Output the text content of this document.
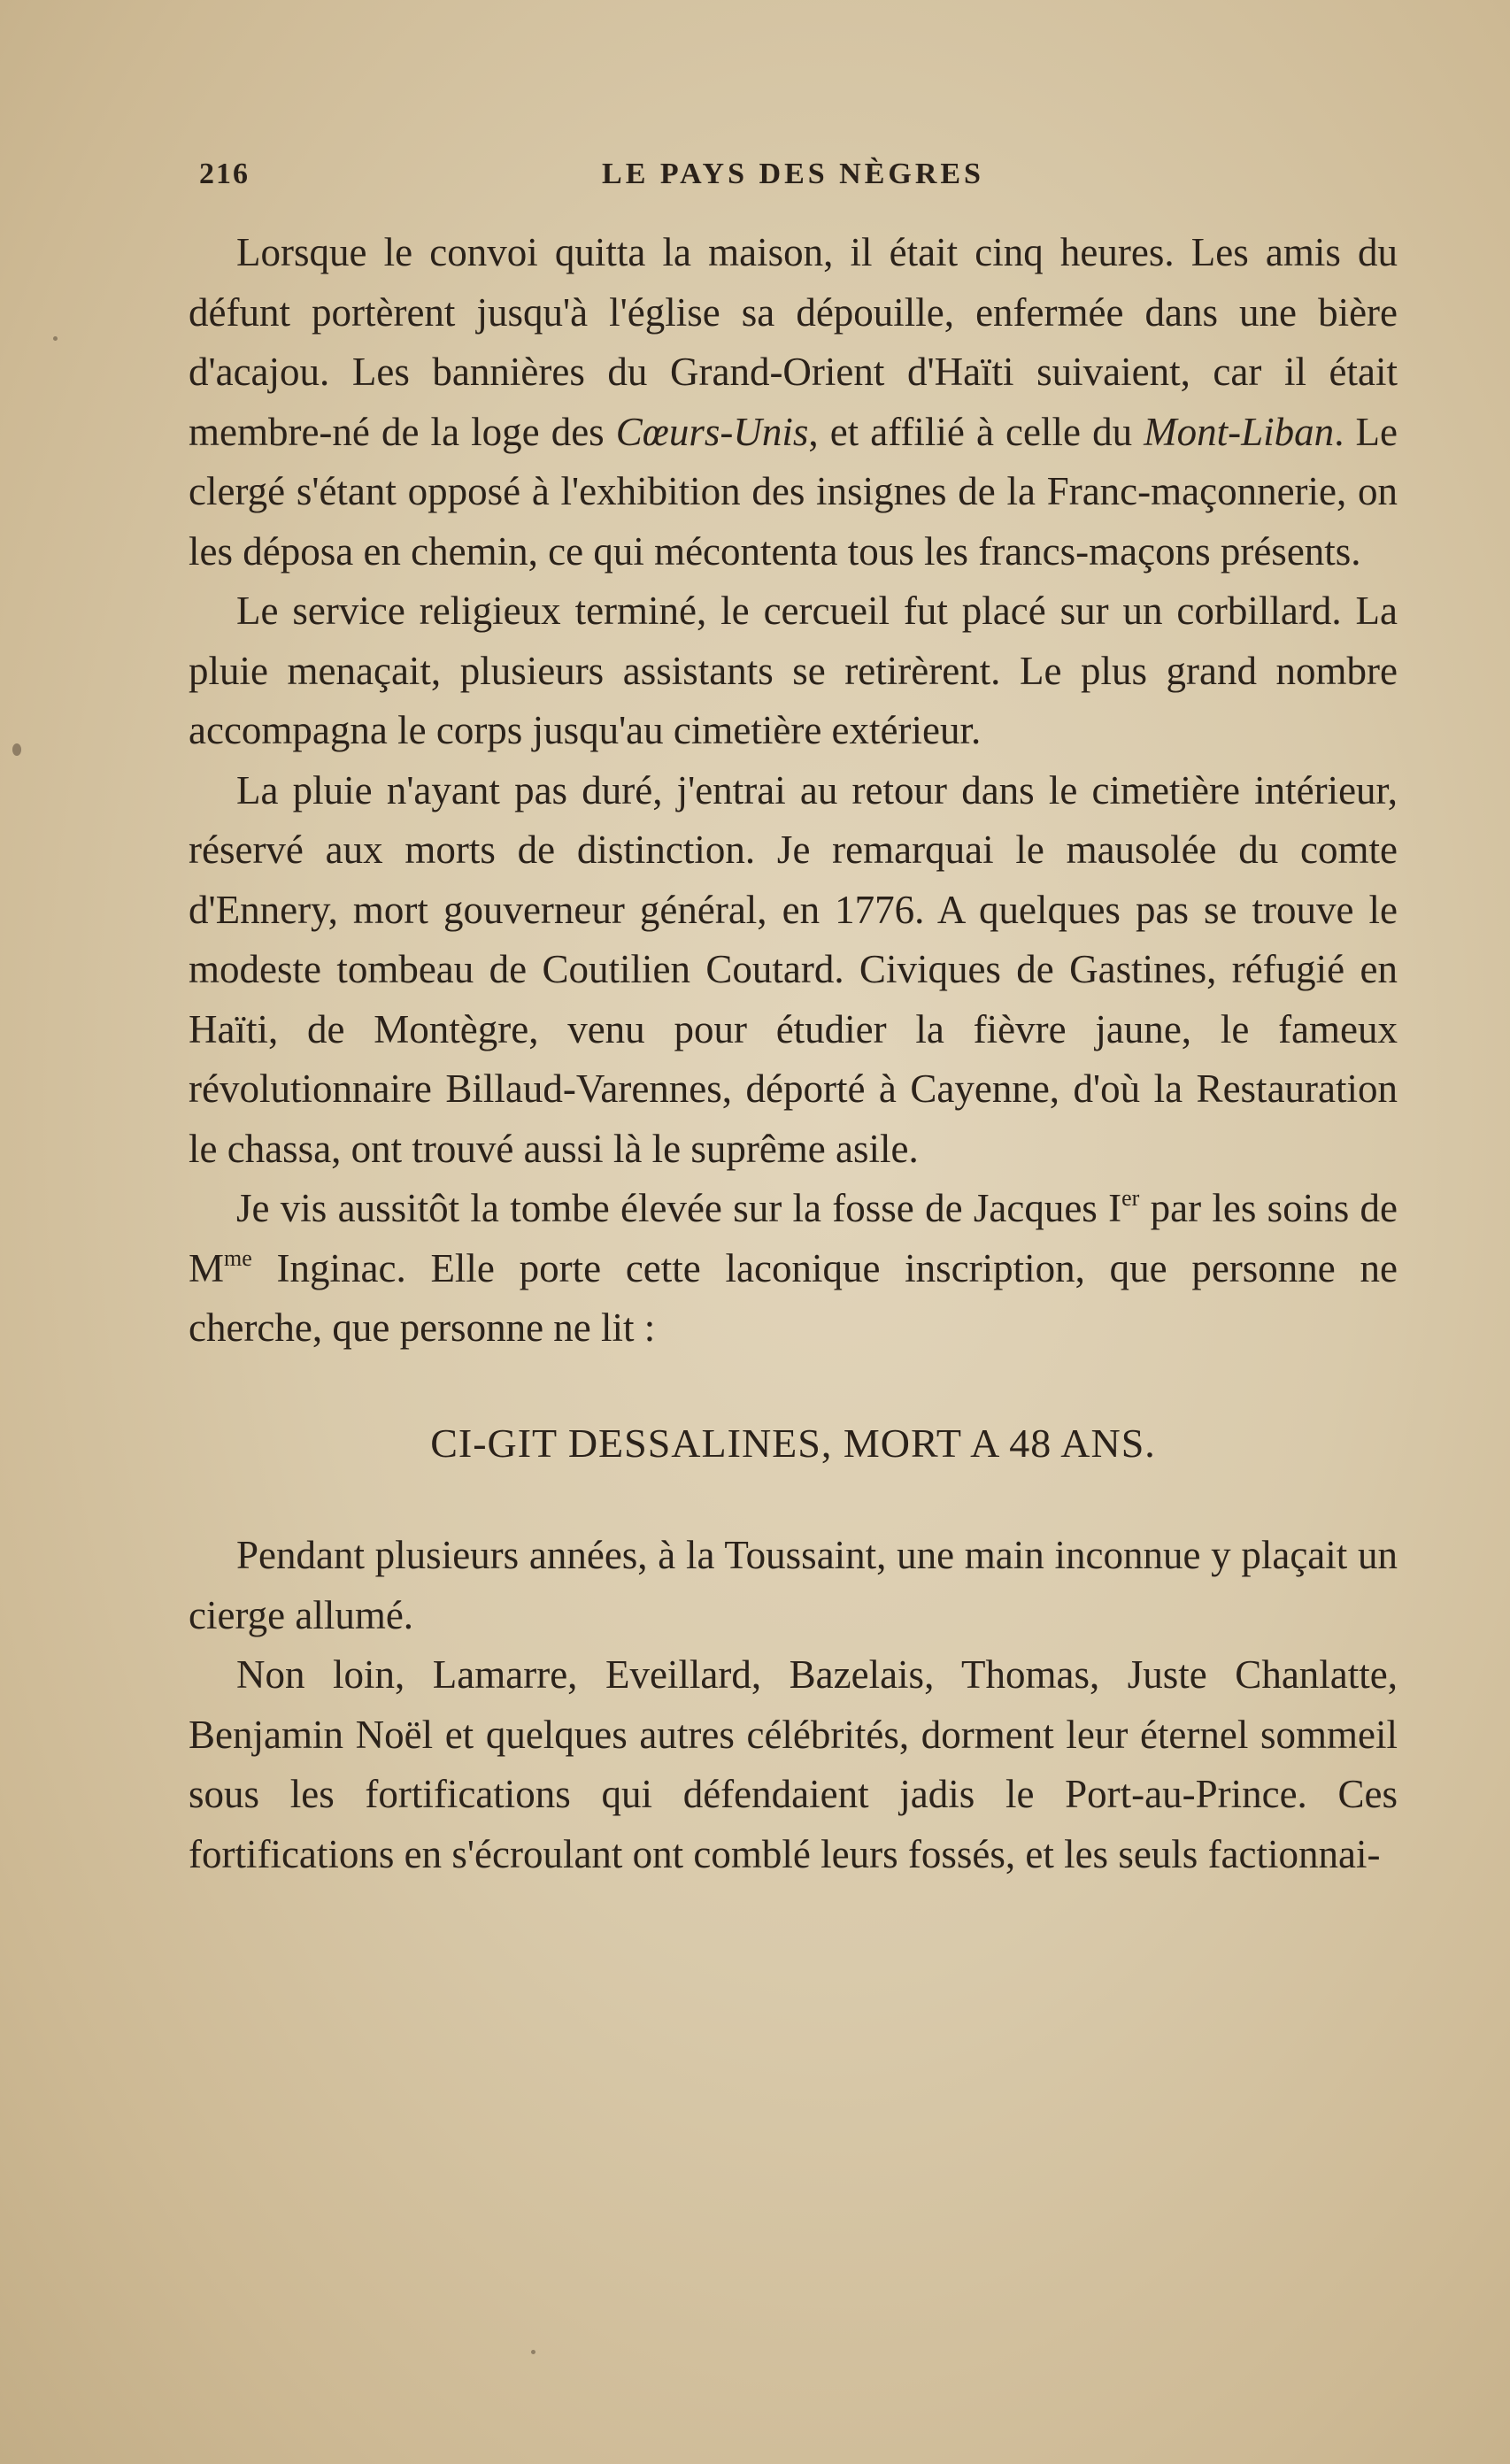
216	LE PAYS DES NÈGRES

Lorsque le convoi quitta la maison, il était cinq heures. Les amis du défunt portèrent jusqu'à l'église sa dépouille, enfermée dans une bière d'acajou. Les bannières du Grand-Orient d'Haïti suivaient, car il était membre-né de la loge des Cœurs-Unis, et affilié à celle du Mont-Liban. Le clergé s'étant opposé à l'exhibition des insignes de la Franc-maçonnerie, on les déposa en chemin, ce qui mécontenta tous les francs-maçons présents.

Le service religieux terminé, le cercueil fut placé sur un corbillard. La pluie menaçait, plusieurs assistants se retirèrent. Le plus grand nombre accompagna le corps jusqu'au cimetière extérieur.

La pluie n'ayant pas duré, j'entrai au retour dans le cimetière intérieur, réservé aux morts de distinction. Je remarquai le mausolée du comte d'Ennery, mort gouverneur général, en 1776. A quelques pas se trouve le modeste tombeau de Coutilien Coutard. Civiques de Gastines, réfugié en Haïti, de Montègre, venu pour étudier la fièvre jaune, le fameux révolutionnaire Billaud-Varennes, déporté à Cayenne, d'où la Restauration le chassa, ont trouvé aussi là le suprême asile.

Je vis aussitôt la tombe élevée sur la fosse de Jacques Ier par les soins de $M^{me}$ Inginac. Elle porte cette laconique inscription, que personne ne cherche, que personne ne lit :

CI-GIT DESSALINES, MORT A 48 ANS.

Pendant plusieurs années, à la Toussaint, une main inconnue y plaçait un cierge allumé.

Non loin, Lamarre, Eveillard, Bazelais, Thomas, Juste Chanlatte, Benjamin Noël et quelques autres célébrités, dorment leur éternel sommeil sous les fortifications qui défendaient jadis le Port-au-Prince. Ces fortifications en s'écroulant ont comblé leurs fossés, et les seuls factionnai-
